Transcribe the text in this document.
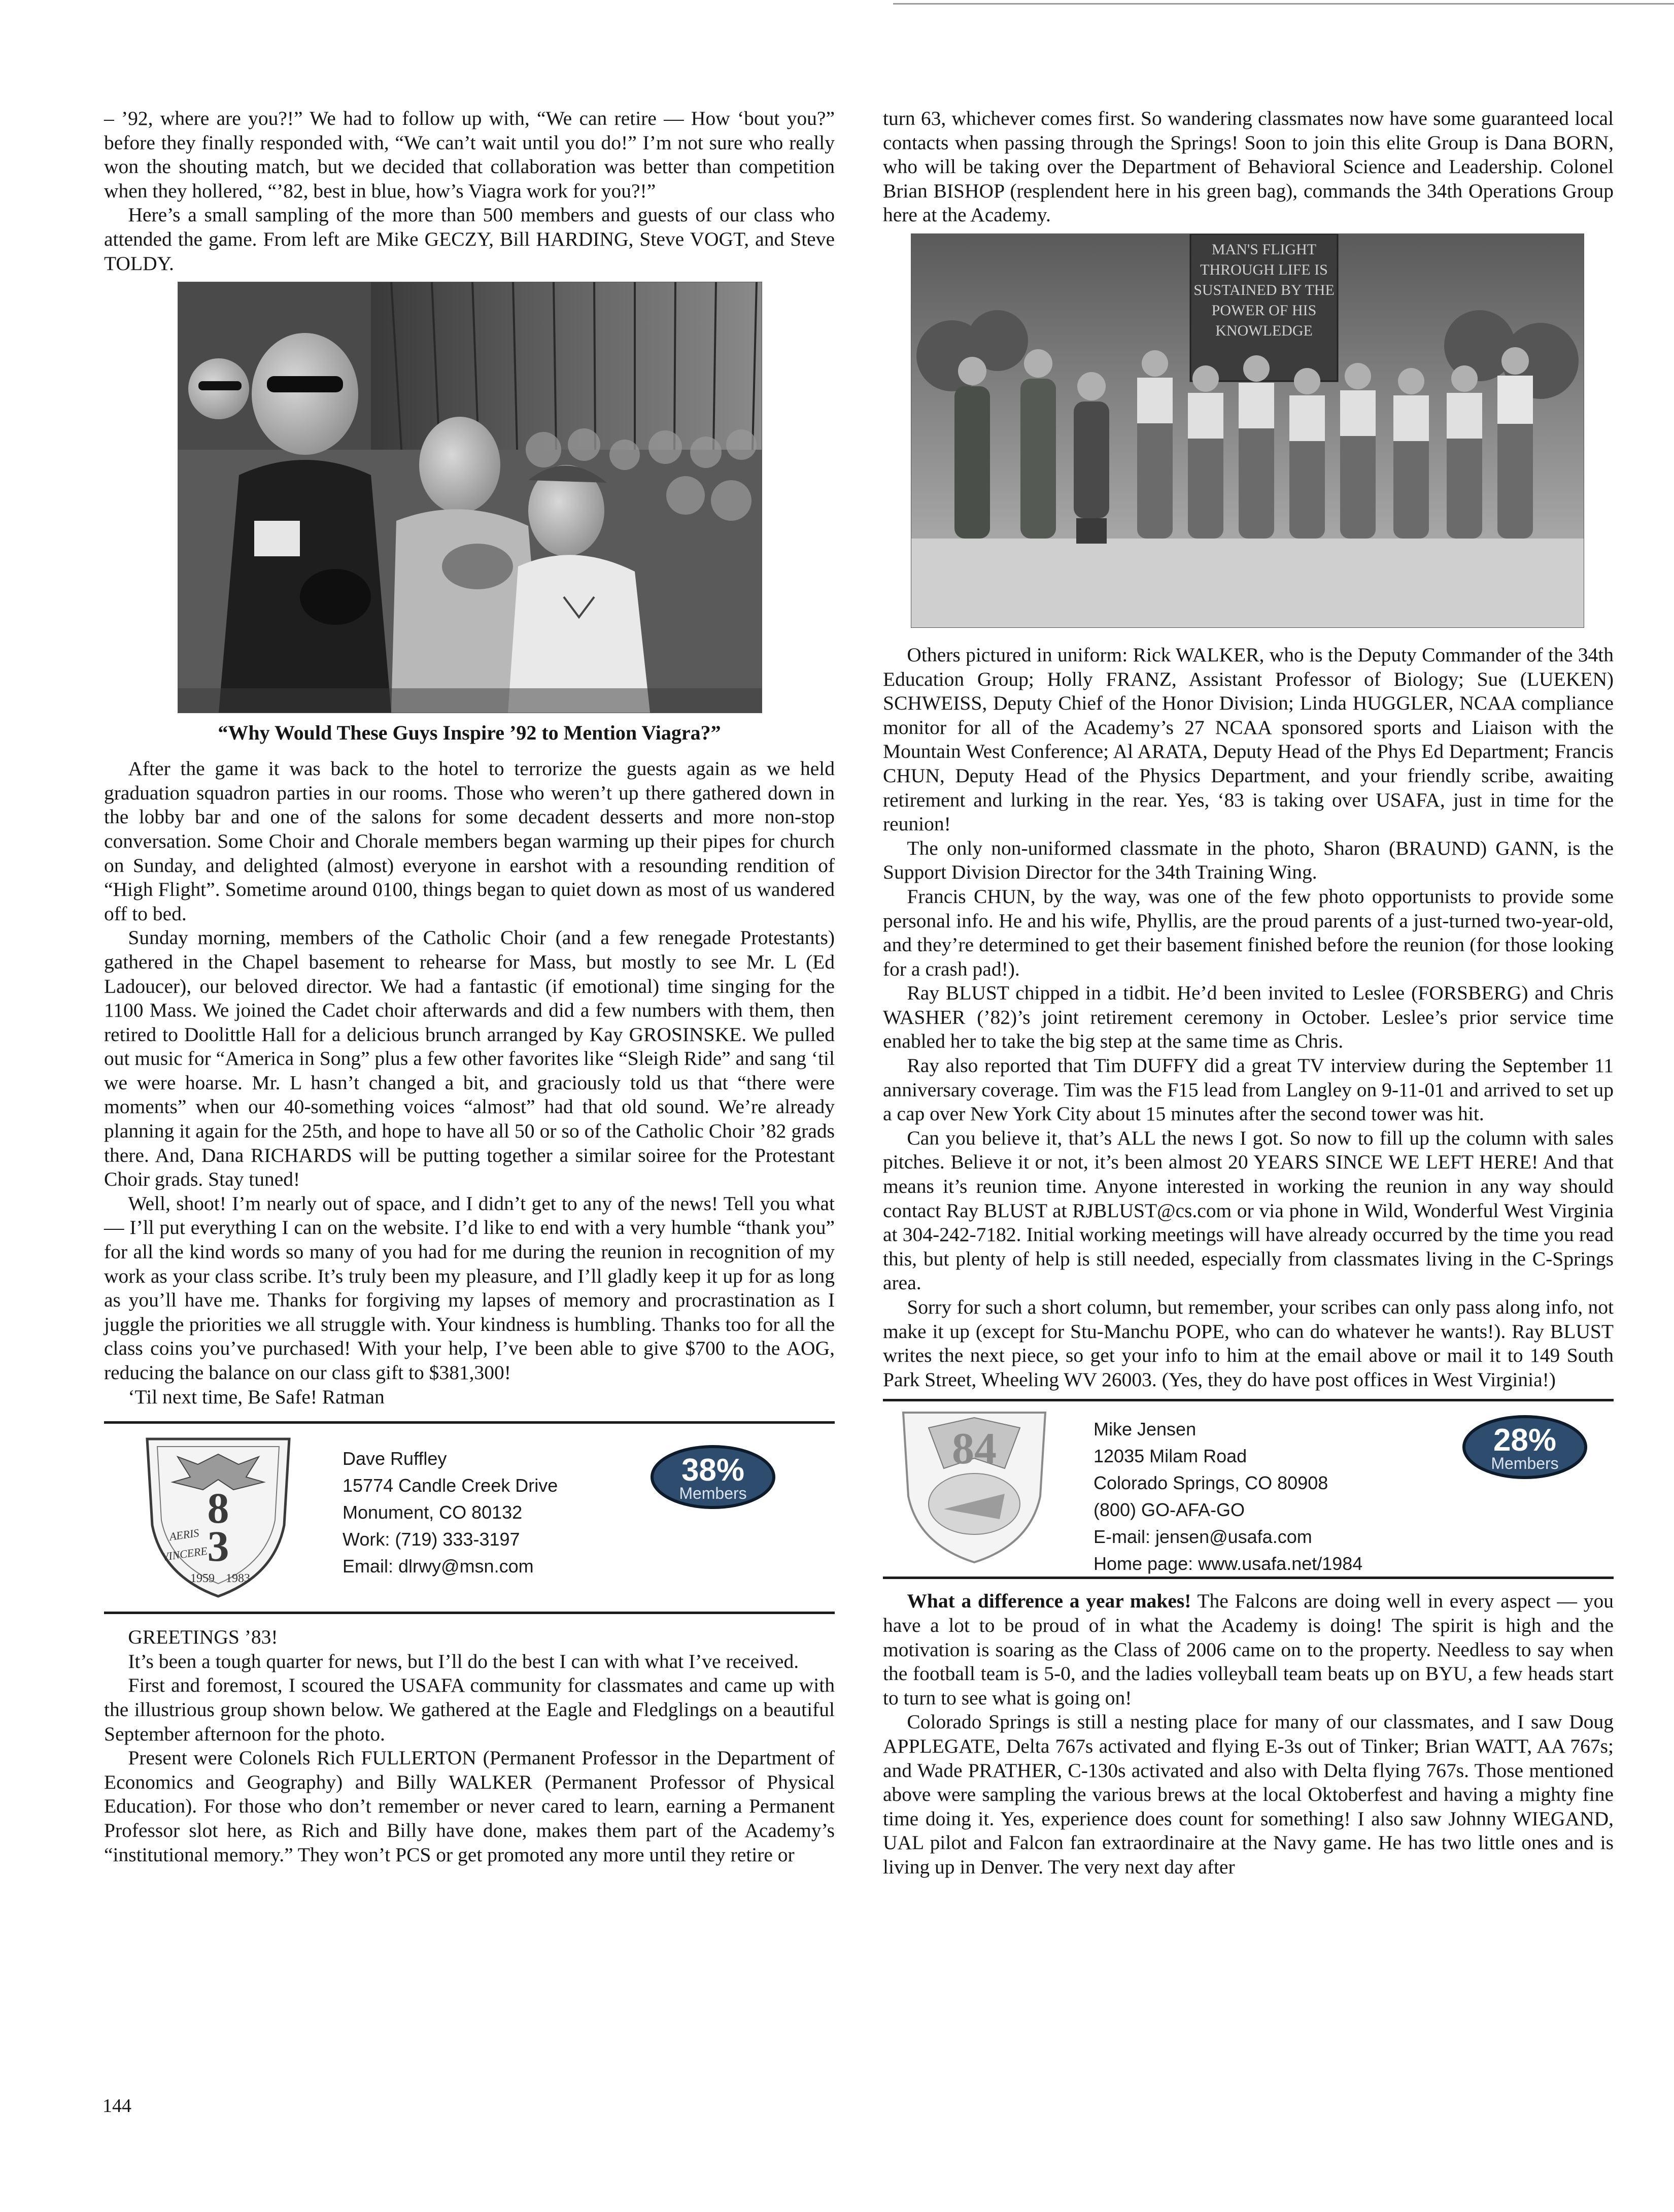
– ’92, where are you?!” We had to follow up with, “We can retire — How ‘bout you?” before they finally responded with, “We can’t wait until you do!” I’m not sure who really won the shouting match, but we decided that collaboration was better than competition when they hollered, “’82, best in blue, how’s Viagra work for you?!”

Here’s a small sampling of the more than 500 members and guests of our class who attended the game. From left are Mike GECZY, Bill HARDING, Steve VOGT, and Steve TOLDY.

“Why Would These Guys Inspire ’92 to Mention Viagra?”

After the game it was back to the hotel to terrorize the guests again as we held graduation squadron parties in our rooms. Those who weren’t up there gathered down in the lobby bar and one of the salons for some decadent desserts and more non-stop conversation. Some Choir and Chorale members began warming up their pipes for church on Sunday, and delighted (almost) everyone in earshot with a resounding rendition of “High Flight”. Sometime around 0100, things began to quiet down as most of us wandered off to bed.

Sunday morning, members of the Catholic Choir (and a few renegade Protestants) gathered in the Chapel basement to rehearse for Mass, but mostly to see Mr. L (Ed Ladoucer), our beloved director. We had a fantastic (if emotional) time singing for the 1100 Mass. We joined the Cadet choir afterwards and did a few numbers with them, then retired to Doolittle Hall for a delicious brunch arranged by Kay GROSINSKE. We pulled out music for “America in Song” plus a few other favorites like “Sleigh Ride” and sang ‘til we were hoarse. Mr. L hasn’t changed a bit, and graciously told us that “there were moments” when our 40-something voices “almost” had that old sound. We’re already planning it again for the 25th, and hope to have all 50 or so of the Catholic Choir ’82 grads there. And, Dana RICHARDS will be putting together a similar soiree for the Protestant Choir grads. Stay tuned!

Well, shoot! I’m nearly out of space, and I didn’t get to any of the news! Tell you what — I’ll put everything I can on the website. I’d like to end with a very humble “thank you” for all the kind words so many of you had for me during the reunion in recognition of my work as your class scribe. It’s truly been my pleasure, and I’ll gladly keep it up for as long as you’ll have me. Thanks for forgiving my lapses of memory and procrastination as I juggle the priorities we all struggle with. Your kindness is humbling. Thanks too for all the class coins you’ve purchased! With your help, I’ve been able to give $700 to the AOG, reducing the balance on our class gift to $381,300!

‘Til next time, Be Safe! Ratman

8
3
AERIS
VINCERE
1959 1983
Dave Ruffley
15774 Candle Creek Drive
Monument, CO 80132
Work: (719) 333-3197
Email: dlrwy@msn.com
38%
Members

GREETINGS ’83!

It’s been a tough quarter for news, but I’ll do the best I can with what I’ve received.

First and foremost, I scoured the USAFA community for classmates and came up with the illustrious group shown below. We gathered at the Eagle and Fledglings on a beautiful September afternoon for the photo.

Present were Colonels Rich FULLERTON (Permanent Professor in the Department of Economics and Geography) and Billy WALKER (Permanent Professor of Physical Education). For those who don’t remember or never cared to learn, earning a Permanent Professor slot here, as Rich and Billy have done, makes them part of the Academy’s “institutional memory.” They won’t PCS or get promoted any more until they retire or

turn 63, whichever comes first. So wandering classmates now have some guaranteed local contacts when passing through the Springs! Soon to join this elite Group is Dana BORN, who will be taking over the Department of Behavioral Science and Leadership. Colonel Brian BISHOP (resplendent here in his green bag), commands the 34th Operations Group here at the Academy.

MAN'S FLIGHT
THROUGH LIFE IS
SUSTAINED BY THE
POWER OF HIS
KNOWLEDGE

Others pictured in uniform: Rick WALKER, who is the Deputy Commander of the 34th Education Group; Holly FRANZ, Assistant Professor of Biology; Sue (LUEKEN) SCHWEISS, Deputy Chief of the Honor Division; Linda HUGGLER, NCAA compliance monitor for all of the Academy’s 27 NCAA sponsored sports and Liaison with the Mountain West Conference; Al ARATA, Deputy Head of the Phys Ed Department; Francis CHUN, Deputy Head of the Physics Department, and your friendly scribe, awaiting retirement and lurking in the rear. Yes, ‘83 is taking over USAFA, just in time for the reunion!

The only non-uniformed classmate in the photo, Sharon (BRAUND) GANN, is the Support Division Director for the 34th Training Wing.

Francis CHUN, by the way, was one of the few photo opportunists to provide some personal info. He and his wife, Phyllis, are the proud parents of a just-turned two-year-old, and they’re determined to get their basement finished before the reunion (for those looking for a crash pad!).

Ray BLUST chipped in a tidbit. He’d been invited to Leslee (FORSBERG) and Chris WASHER (’82)’s joint retirement ceremony in October. Leslee’s prior service time enabled her to take the big step at the same time as Chris.

Ray also reported that Tim DUFFY did a great TV interview during the September 11 anniversary coverage. Tim was the F15 lead from Langley on 9-11-01 and arrived to set up a cap over New York City about 15 minutes after the second tower was hit.

Can you believe it, that’s ALL the news I got. So now to fill up the column with sales pitches. Believe it or not, it’s been almost 20 YEARS SINCE WE LEFT HERE! And that means it’s reunion time. Anyone interested in working the reunion in any way should contact Ray BLUST at RJBLUST@cs.com or via phone in Wild, Wonderful West Virginia at 304-242-7182. Initial working meetings will have already occurred by the time you read this, but plenty of help is still needed, especially from classmates living in the C-Springs area.

Sorry for such a short column, but remember, your scribes can only pass along info, not make it up (except for Stu-Manchu POPE, who can do whatever he wants!). Ray BLUST writes the next piece, so get your info to him at the email above or mail it to 149 South Park Street, Wheeling WV 26003. (Yes, they do have post offices in West Virginia!)

84	Mike Jensen
12035 Milam Road
Colorado Springs, CO 80908
(800) GO-AFA-GO
E-mail: jensen@usafa.com
Home page: www.usafa.net/1984
28%
Members

What a difference a year makes! The Falcons are doing well in every aspect — you have a lot to be proud of in what the Academy is doing! The spirit is high and the motivation is soaring as the Class of 2006 came on to the property. Needless to say when the football team is 5-0, and the ladies volleyball team beats up on BYU, a few heads start to turn to see what is going on!

Colorado Springs is still a nesting place for many of our classmates, and I saw Doug APPLEGATE, Delta 767s activated and flying E-3s out of Tinker; Brian WATT, AA 767s; and Wade PRATHER, C-130s activated and also with Delta flying 767s. Those mentioned above were sampling the various brews at the local Oktoberfest and having a mighty fine time doing it. Yes, experience does count for something! I also saw Johnny WIEGAND, UAL pilot and Falcon fan extraordinaire at the Navy game. He has two little ones and is living up in Denver. The very next day after

144
